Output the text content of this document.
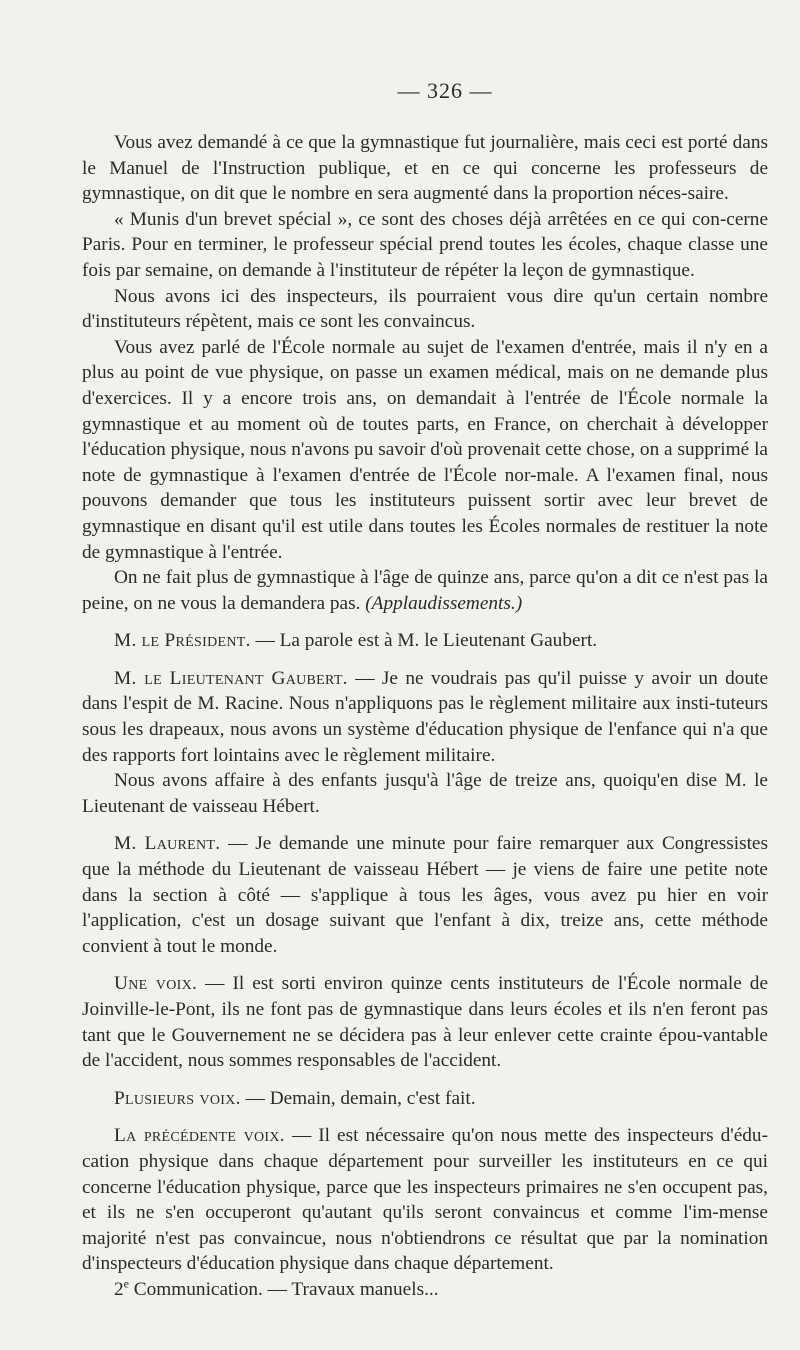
— 326 —

Vous avez demandé à ce que la gymnastique fut journalière, mais ceci est porté dans le Manuel de l'Instruction publique, et en ce qui concerne les professeurs de gymnastique, on dit que le nombre en sera augmenté dans la proportion néces-saire.

« Munis d'un brevet spécial », ce sont des choses déjà arrêtées en ce qui con-cerne Paris. Pour en terminer, le professeur spécial prend toutes les écoles, chaque classe une fois par semaine, on demande à l'instituteur de répéter la leçon de gymnastique.

Nous avons ici des inspecteurs, ils pourraient vous dire qu'un certain nombre d'instituteurs répètent, mais ce sont les convaincus.

Vous avez parlé de l'École normale au sujet de l'examen d'entrée, mais il n'y en a plus au point de vue physique, on passe un examen médical, mais on ne demande plus d'exercices. Il y a encore trois ans, on demandait à l'entrée de l'École normale la gymnastique et au moment où de toutes parts, en France, on cherchait à développer l'éducation physique, nous n'avons pu savoir d'où provenait cette chose, on a supprimé la note de gymnastique à l'examen d'entrée de l'École nor-male. A l'examen final, nous pouvons demander que tous les instituteurs puissent sortir avec leur brevet de gymnastique en disant qu'il est utile dans toutes les Écoles normales de restituer la note de gymnastique à l'entrée.

On ne fait plus de gymnastique à l'âge de quinze ans, parce qu'on a dit ce n'est pas la peine, on ne vous la demandera pas. (Applaudissements.)

M. le Président. — La parole est à M. le Lieutenant Gaubert.

M. le Lieutenant Gaubert. — Je ne voudrais pas qu'il puisse y avoir un doute dans l'espit de M. Racine. Nous n'appliquons pas le règlement militaire aux insti-tuteurs sous les drapeaux, nous avons un système d'éducation physique de l'enfance qui n'a que des rapports fort lointains avec le règlement militaire.

Nous avons affaire à des enfants jusqu'à l'âge de treize ans, quoiqu'en dise M. le Lieutenant de vaisseau Hébert.

M. Laurent. — Je demande une minute pour faire remarquer aux Congressistes que la méthode du Lieutenant de vaisseau Hébert — je viens de faire une petite note dans la section à côté — s'applique à tous les âges, vous avez pu hier en voir l'application, c'est un dosage suivant que l'enfant à dix, treize ans, cette méthode convient à tout le monde.

Une voix. — Il est sorti environ quinze cents instituteurs de l'École normale de Joinville-le-Pont, ils ne font pas de gymnastique dans leurs écoles et ils n'en feront pas tant que le Gouvernement ne se décidera pas à leur enlever cette crainte épou-vantable de l'accident, nous sommes responsables de l'accident.

Plusieurs voix. — Demain, demain, c'est fait.

La précédente voix. — Il est nécessaire qu'on nous mette des inspecteurs d'édu-cation physique dans chaque département pour surveiller les instituteurs en ce qui concerne l'éducation physique, parce que les inspecteurs primaires ne s'en occupent pas, et ils ne s'en occuperont qu'autant qu'ils seront convaincus et comme l'im-mense majorité n'est pas convaincue, nous n'obtiendrons ce résultat que par la nomination d'inspecteurs d'éducation physique dans chaque département.

2e Communication. — Travaux manuels...
